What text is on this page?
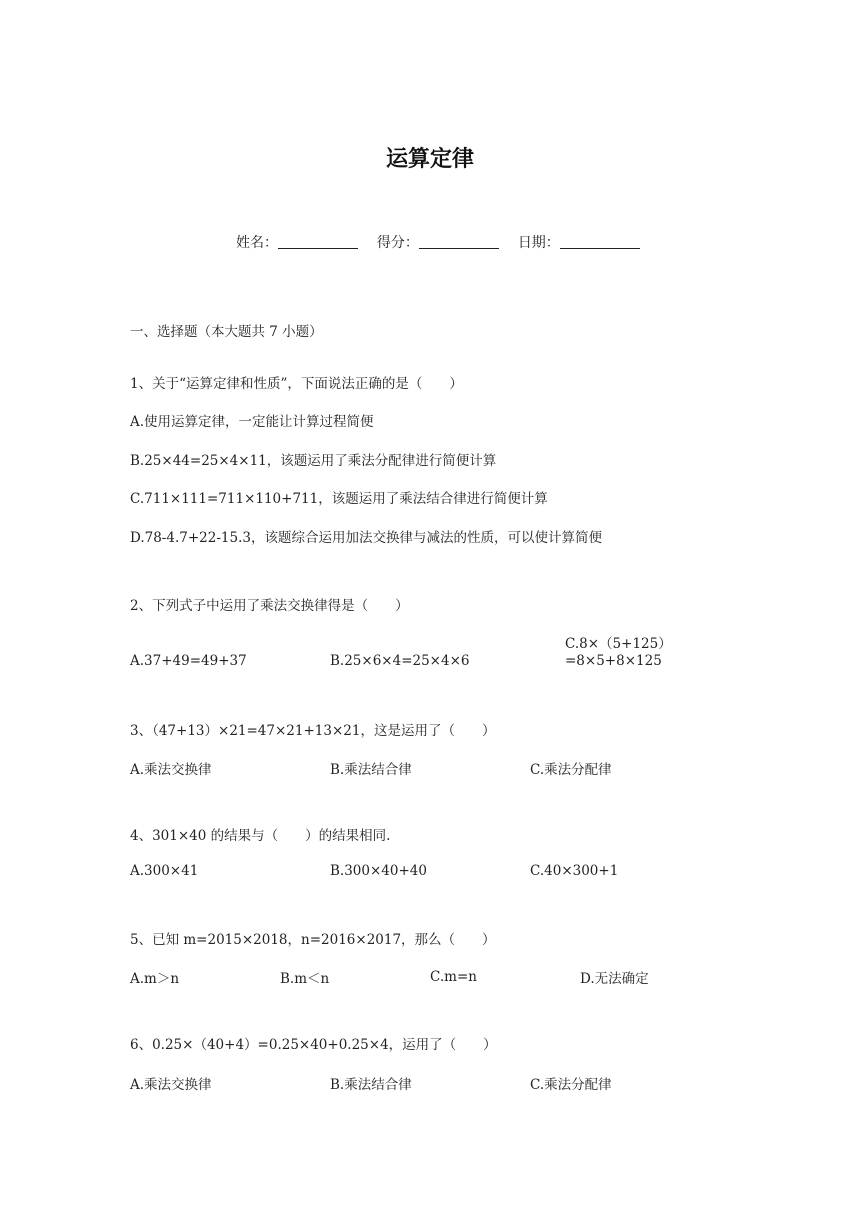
运算定律
姓名：	得分：	日期：
一、选择题（本大题共 7 小题）
1、关于“运算定律和性质”，下面说法正确的是（　　）
A.使用运算定律，一定能让计算过程简便
B.25×44=25×4×11，该题运用了乘法分配律进行简便计算
C.711×111=711×110+711，该题运用了乘法结合律进行简便计算
D.78-4.7+22-15.3，该题综合运用加法交换律与减法的性质，可以使计算简便
2、下列式子中运用了乘法交换律得是（　　）
A.37+49=49+37	B.25×6×4=25×4×6
C.8×（5+125）
=8×5+8×125
3、（47+13）×21=47×21+13×21，这是运用了（　　）
A.乘法交换律	B.乘法结合律	C.乘法分配律
4、301×40 的结果与（　　）的结果相同.
A.300×41	B.300×40+40	C.40×300+1
5、已知 m=2015×2018，n=2016×2017，那么（　　）
A.m＞n	B.m＜n	C.m=n	D.无法确定
6、0.25×（40+4）=0.25×40+0.25×4，运用了（　　）
A.乘法交换律	B.乘法结合律	C.乘法分配律
